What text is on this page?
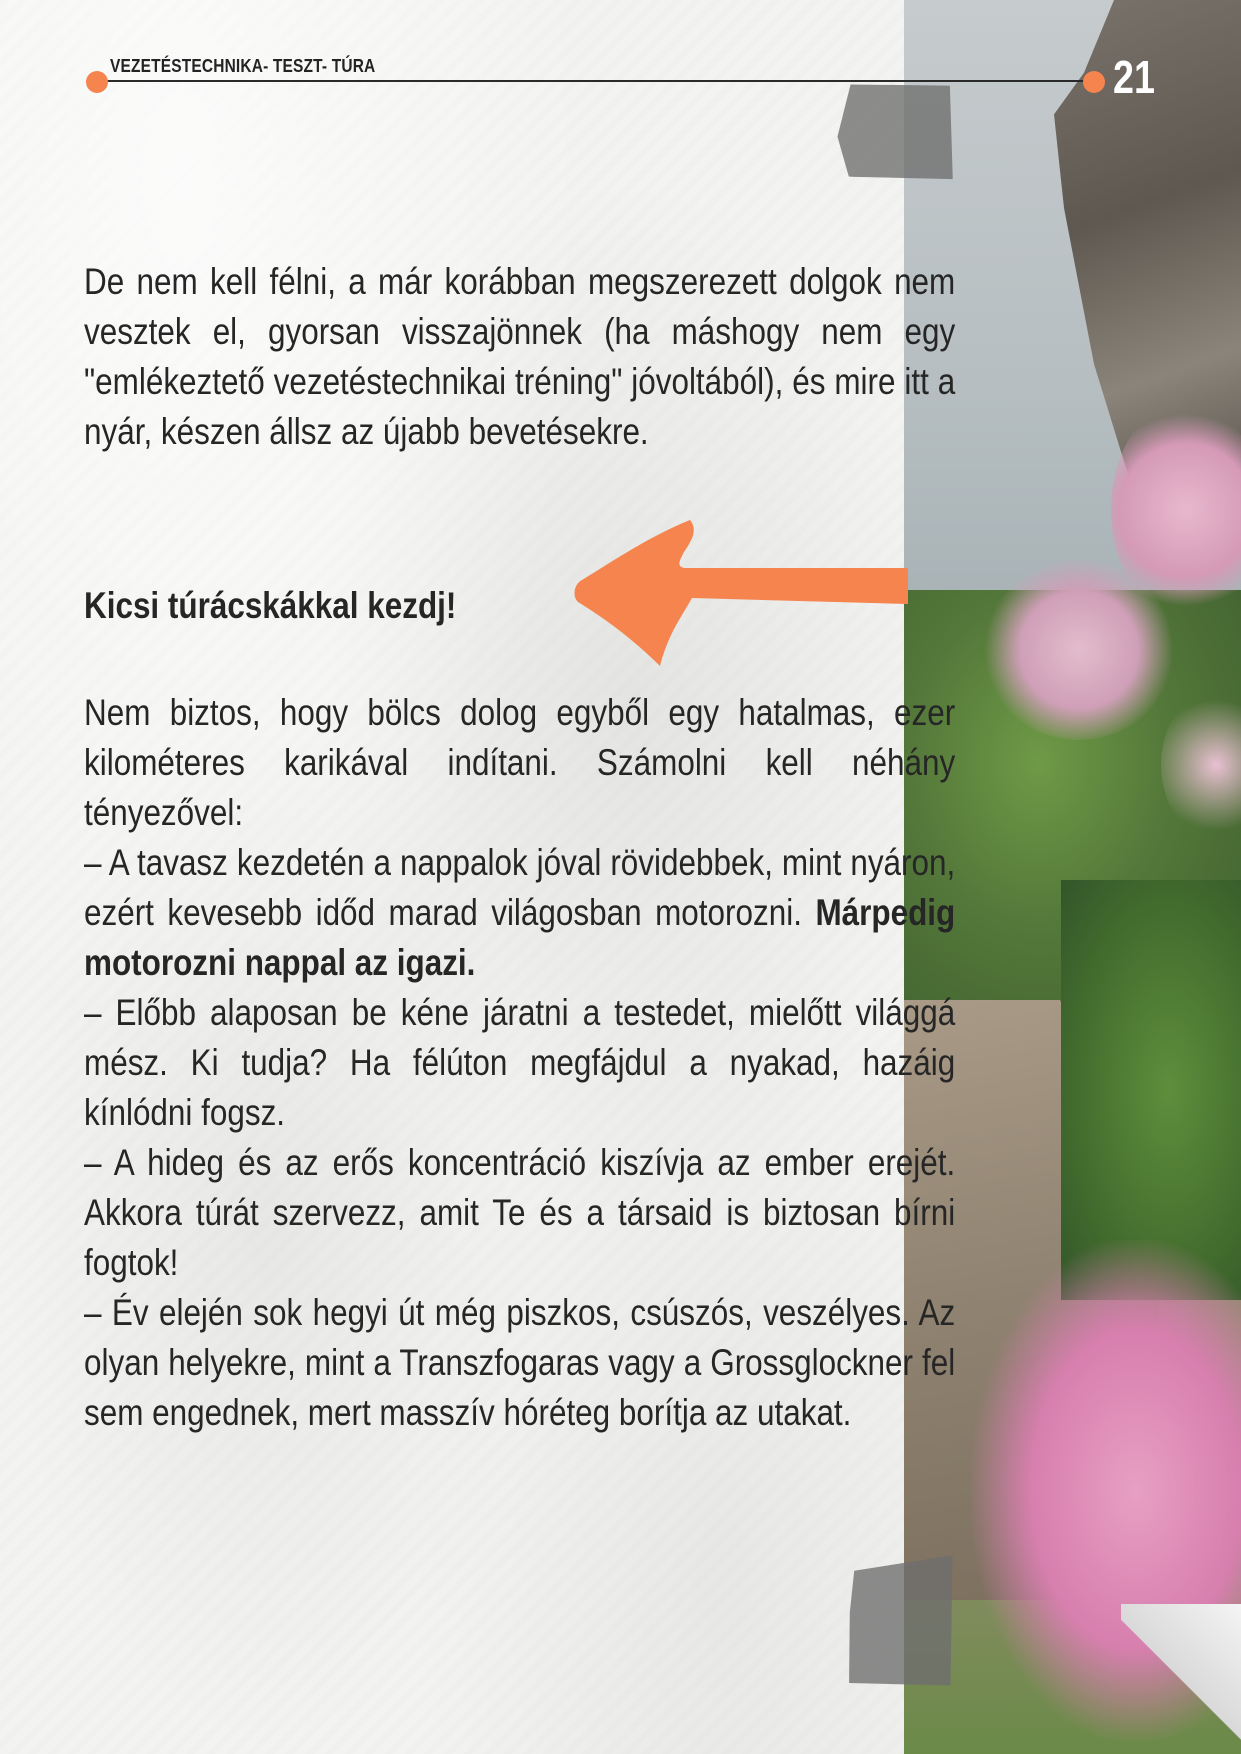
VEZETÉSTECHNIKA- TESZT- TÚRA	21
De nem kell félni, a már korábban megszerezett dolgok nem vesztek el, gyorsan visszajönnek (ha máshogy nem egy "emlékeztető vezetéstechnikai tréning" jóvoltából), és mire itt a nyár, készen állsz az újabb bevetésekre.
Kicsi túrácskákkal kezdj!

Nem biztos, hogy bölcs dolog egyből egy hatalmas, ezer kilométeres karikával indítani. Számolni kell néhány tényezővel:

– A tavasz kezdetén a nappalok jóval rövidebbek, mint nyáron, ezért kevesebb időd marad világosban motorozni. Márpedig motorozni nappal az igazi.

– Előbb alaposan be kéne járatni a testedet, mielőtt világgá mész. Ki tudja? Ha félúton megfájdul a nyakad, hazáig kínlódni fogsz.

– A hideg és az erős koncentráció kiszívja az ember erejét. Akkora túrát szervezz, amit Te és a társaid is biztosan bírni fogtok!

– Év elején sok hegyi út még piszkos, csúszós, veszélyes. Az olyan helyekre, mint a Transzfogaras vagy a Grossglockner fel sem engednek, mert masszív hóréteg borítja az utakat.
